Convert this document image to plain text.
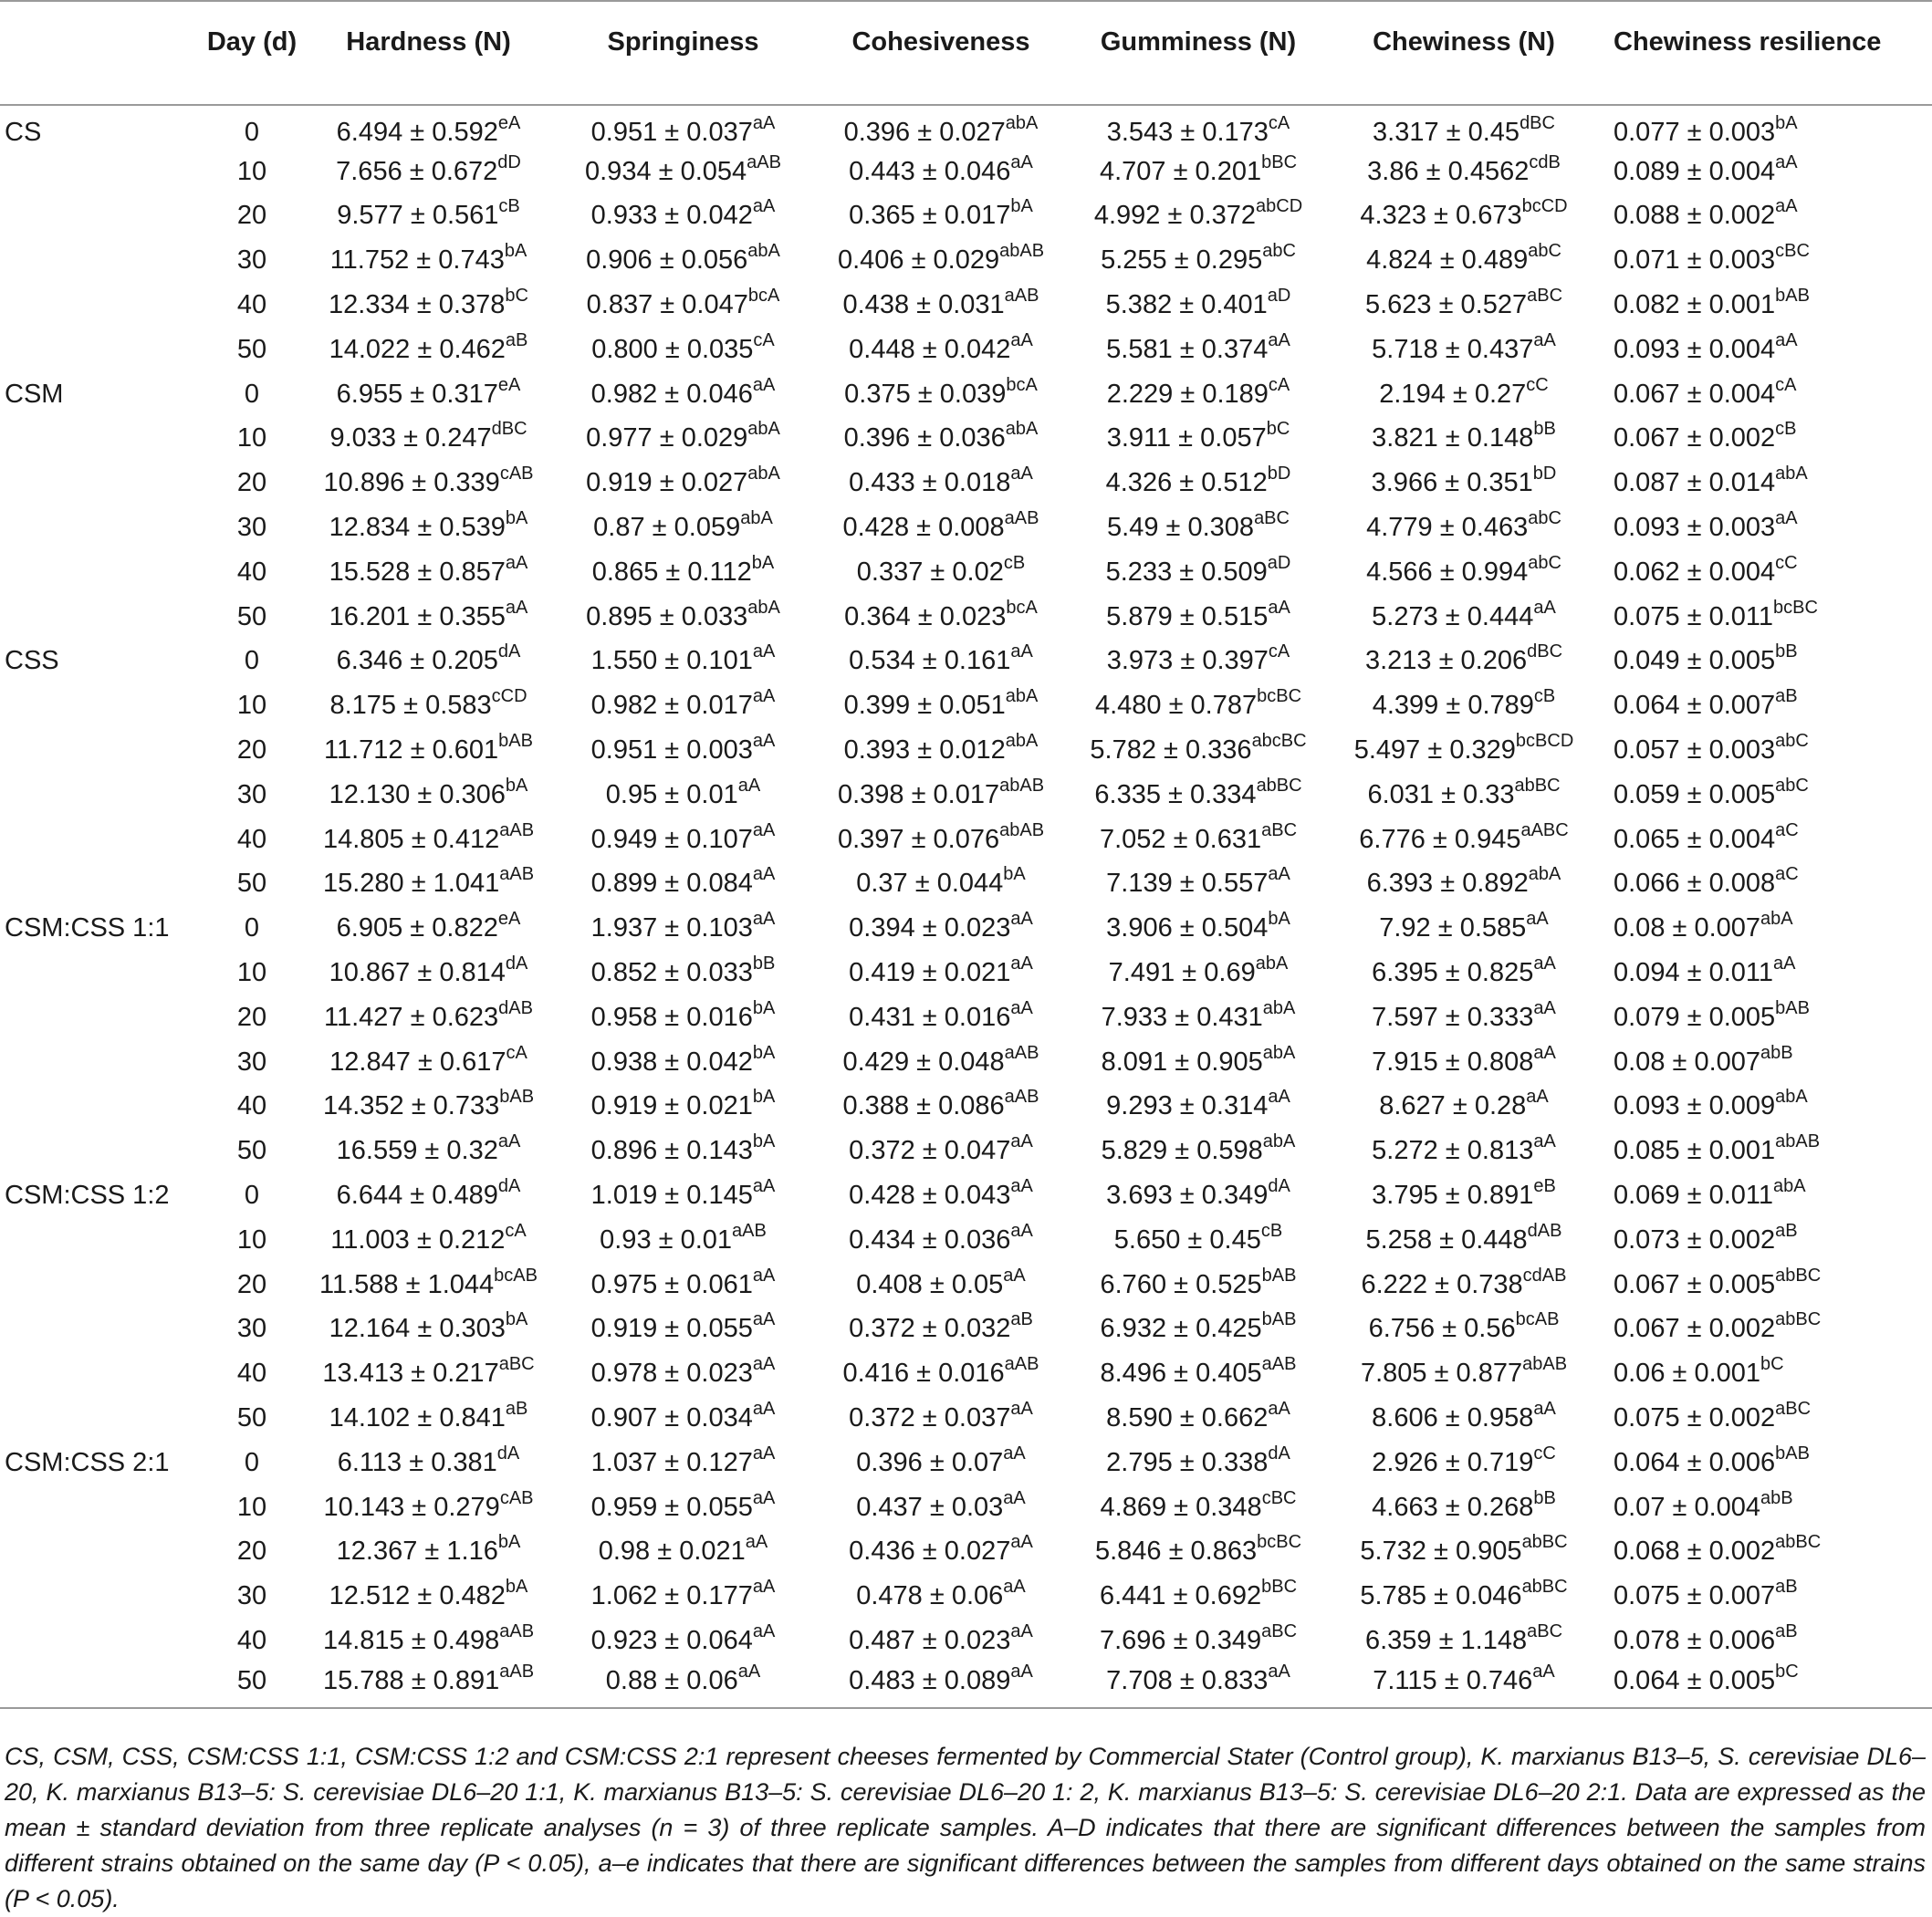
	Day (d)	Hardness (N)	Springiness	Cohesiveness	Gumminess (N)	Chewiness (N)	Chewiness resilience
CS	0	$6.494 \pm 0.592^{eA}$	$0.951 \pm 0.037^{aA}$	$0.396 \pm 0.027^{abA}$	$3.543 \pm 0.173^{cA}$	$3.317 \pm 0.45^{dBC}$	$0.077 \pm 0.003^{bA}$
	10	$7.656 \pm 0.672^{dD}$	$0.934 \pm 0.054^{aAB}$	$0.443 \pm 0.046^{aA}$	$4.707 \pm 0.201^{bBC}$	$3.86 \pm 0.4562^{cdB}$	$0.089 \pm 0.004^{aA}$
	20	$9.577 \pm 0.561^{cB}$	$0.933 \pm 0.042^{aA}$	$0.365 \pm 0.017^{bA}$	$4.992 \pm 0.372^{abCD}$	$4.323 \pm 0.673^{bcCD}$	$0.088 \pm 0.002^{aA}$
	30	$11.752 \pm 0.743^{bA}$	$0.906 \pm 0.056^{abA}$	$0.406 \pm 0.029^{abAB}$	$5.255 \pm 0.295^{abC}$	$4.824 \pm 0.489^{abC}$	$0.071 \pm 0.003^{cBC}$
	40	$12.334 \pm 0.378^{bC}$	$0.837 \pm 0.047^{bcA}$	$0.438 \pm 0.031^{aAB}$	$5.382 \pm 0.401^{aD}$	$5.623 \pm 0.527^{aBC}$	$0.082 \pm 0.001^{bAB}$
	50	$14.022 \pm 0.462^{aB}$	$0.800 \pm 0.035^{cA}$	$0.448 \pm 0.042^{aA}$	$5.581 \pm 0.374^{aA}$	$5.718 \pm 0.437^{aA}$	$0.093 \pm 0.004^{aA}$
CSM	0	$6.955 \pm 0.317^{eA}$	$0.982 \pm 0.046^{aA}$	$0.375 \pm 0.039^{bcA}$	$2.229 \pm 0.189^{cA}$	$2.194 \pm 0.27^{cC}$	$0.067 \pm 0.004^{cA}$
	10	$9.033 \pm 0.247^{dBC}$	$0.977 \pm 0.029^{abA}$	$0.396 \pm 0.036^{abA}$	$3.911 \pm 0.057^{bC}$	$3.821 \pm 0.148^{bB}$	$0.067 \pm 0.002^{cB}$
	20	$10.896 \pm 0.339^{cAB}$	$0.919 \pm 0.027^{abA}$	$0.433 \pm 0.018^{aA}$	$4.326 \pm 0.512^{bD}$	$3.966 \pm 0.351^{bD}$	$0.087 \pm 0.014^{abA}$
	30	$12.834 \pm 0.539^{bA}$	$0.87 \pm 0.059^{abA}$	$0.428 \pm 0.008^{aAB}$	$5.49 \pm 0.308^{aBC}$	$4.779 \pm 0.463^{abC}$	$0.093 \pm 0.003^{aA}$
	40	$15.528 \pm 0.857^{aA}$	$0.865 \pm 0.112^{bA}$	$0.337 \pm 0.02^{cB}$	$5.233 \pm 0.509^{aD}$	$4.566 \pm 0.994^{abC}$	$0.062 \pm 0.004^{cC}$
	50	$16.201 \pm 0.355^{aA}$	$0.895 \pm 0.033^{abA}$	$0.364 \pm 0.023^{bcA}$	$5.879 \pm 0.515^{aA}$	$5.273 \pm 0.444^{aA}$	$0.075 \pm 0.011^{bcBC}$
CSS	0	$6.346 \pm 0.205^{dA}$	$1.550 \pm 0.101^{aA}$	$0.534 \pm 0.161^{aA}$	$3.973 \pm 0.397^{cA}$	$3.213 \pm 0.206^{dBC}$	$0.049 \pm 0.005^{bB}$
	10	$8.175 \pm 0.583^{cCD}$	$0.982 \pm 0.017^{aA}$	$0.399 \pm 0.051^{abA}$	$4.480 \pm 0.787^{bcBC}$	$4.399 \pm 0.789^{cB}$	$0.064 \pm 0.007^{aB}$
	20	$11.712 \pm 0.601^{bAB}$	$0.951 \pm 0.003^{aA}$	$0.393 \pm 0.012^{abA}$	$5.782 \pm 0.336^{abcBC}$	$5.497 \pm 0.329^{bcBCD}$	$0.057 \pm 0.003^{abC}$
	30	$12.130 \pm 0.306^{bA}$	$0.95 \pm 0.01^{aA}$	$0.398 \pm 0.017^{abAB}$	$6.335 \pm 0.334^{abBC}$	$6.031 \pm 0.33^{abBC}$	$0.059 \pm 0.005^{abC}$
	40	$14.805 \pm 0.412^{aAB}$	$0.949 \pm 0.107^{aA}$	$0.397 \pm 0.076^{abAB}$	$7.052 \pm 0.631^{aBC}$	$6.776 \pm 0.945^{aABC}$	$0.065 \pm 0.004^{aC}$
	50	$15.280 \pm 1.041^{aAB}$	$0.899 \pm 0.084^{aA}$	$0.37 \pm 0.044^{bA}$	$7.139 \pm 0.557^{aA}$	$6.393 \pm 0.892^{abA}$	$0.066 \pm 0.008^{aC}$
CSM:CSS 1:1	0	$6.905 \pm 0.822^{eA}$	$1.937 \pm 0.103^{aA}$	$0.394 \pm 0.023^{aA}$	$3.906 \pm 0.504^{bA}$	$7.92 \pm 0.585^{aA}$	$0.08 \pm 0.007^{abA}$
	10	$10.867 \pm 0.814^{dA}$	$0.852 \pm 0.033^{bB}$	$0.419 \pm 0.021^{aA}$	$7.491 \pm 0.69^{abA}$	$6.395 \pm 0.825^{aA}$	$0.094 \pm 0.011^{aA}$
	20	$11.427 \pm 0.623^{dAB}$	$0.958 \pm 0.016^{bA}$	$0.431 \pm 0.016^{aA}$	$7.933 \pm 0.431^{abA}$	$7.597 \pm 0.333^{aA}$	$0.079 \pm 0.005^{bAB}$
	30	$12.847 \pm 0.617^{cA}$	$0.938 \pm 0.042^{bA}$	$0.429 \pm 0.048^{aAB}$	$8.091 \pm 0.905^{abA}$	$7.915 \pm 0.808^{aA}$	$0.08 \pm 0.007^{abB}$
	40	$14.352 \pm 0.733^{bAB}$	$0.919 \pm 0.021^{bA}$	$0.388 \pm 0.086^{aAB}$	$9.293 \pm 0.314^{aA}$	$8.627 \pm 0.28^{aA}$	$0.093 \pm 0.009^{abA}$
	50	$16.559 \pm 0.32^{aA}$	$0.896 \pm 0.143^{bA}$	$0.372 \pm 0.047^{aA}$	$5.829 \pm 0.598^{abA}$	$5.272 \pm 0.813^{aA}$	$0.085 \pm 0.001^{abAB}$
CSM:CSS 1:2	0	$6.644 \pm 0.489^{dA}$	$1.019 \pm 0.145^{aA}$	$0.428 \pm 0.043^{aA}$	$3.693 \pm 0.349^{dA}$	$3.795 \pm 0.891^{eB}$	$0.069 \pm 0.011^{abA}$
	10	$11.003 \pm 0.212^{cA}$	$0.93 \pm 0.01^{aAB}$	$0.434 \pm 0.036^{aA}$	$5.650 \pm 0.45^{cB}$	$5.258 \pm 0.448^{dAB}$	$0.073 \pm 0.002^{aB}$
	20	$11.588 \pm 1.044^{bcAB}$	$0.975 \pm 0.061^{aA}$	$0.408 \pm 0.05^{aA}$	$6.760 \pm 0.525^{bAB}$	$6.222 \pm 0.738^{cdAB}$	$0.067 \pm 0.005^{abBC}$
	30	$12.164 \pm 0.303^{bA}$	$0.919 \pm 0.055^{aA}$	$0.372 \pm 0.032^{aB}$	$6.932 \pm 0.425^{bAB}$	$6.756 \pm 0.56^{bcAB}$	$0.067 \pm 0.002^{abBC}$
	40	$13.413 \pm 0.217^{aBC}$	$0.978 \pm 0.023^{aA}$	$0.416 \pm 0.016^{aAB}$	$8.496 \pm 0.405^{aAB}$	$7.805 \pm 0.877^{abAB}$	$0.06 \pm 0.001^{bC}$
	50	$14.102 \pm 0.841^{aB}$	$0.907 \pm 0.034^{aA}$	$0.372 \pm 0.037^{aA}$	$8.590 \pm 0.662^{aA}$	$8.606 \pm 0.958^{aA}$	$0.075 \pm 0.002^{aBC}$
CSM:CSS 2:1	0	$6.113 \pm 0.381^{dA}$	$1.037 \pm 0.127^{aA}$	$0.396 \pm 0.07^{aA}$	$2.795 \pm 0.338^{dA}$	$2.926 \pm 0.719^{cC}$	$0.064 \pm 0.006^{bAB}$
	10	$10.143 \pm 0.279^{cAB}$	$0.959 \pm 0.055^{aA}$	$0.437 \pm 0.03^{aA}$	$4.869 \pm 0.348^{cBC}$	$4.663 \pm 0.268^{bB}$	$0.07 \pm 0.004^{abB}$
	20	$12.367 \pm 1.16^{bA}$	$0.98 \pm 0.021^{aA}$	$0.436 \pm 0.027^{aA}$	$5.846 \pm 0.863^{bcBC}$	$5.732 \pm 0.905^{abBC}$	$0.068 \pm 0.002^{abBC}$
	30	$12.512 \pm 0.482^{bA}$	$1.062 \pm 0.177^{aA}$	$0.478 \pm 0.06^{aA}$	$6.441 \pm 0.692^{bBC}$	$5.785 \pm 0.046^{abBC}$	$0.075 \pm 0.007^{aB}$
	40	$14.815 \pm 0.498^{aAB}$	$0.923 \pm 0.064^{aA}$	$0.487 \pm 0.023^{aA}$	$7.696 \pm 0.349^{aBC}$	$6.359 \pm 1.148^{aBC}$	$0.078 \pm 0.006^{aB}$
	50	$15.788 \pm 0.891^{aAB}$	$0.88 \pm 0.06^{aA}$	$0.483 \pm 0.089^{aA}$	$7.708 \pm 0.833^{aA}$	$7.115 \pm 0.746^{aA}$	$0.064 \pm 0.005^{bC}$
CS, CSM, CSS, CSM:CSS 1:1, CSM:CSS 1:2 and CSM:CSS 2:1 represent cheeses fermented by Commercial Stater (Control group), K. marxianus B13–5, S. cerevisiae DL6–20, K. marxianus B13–5: S. cerevisiae DL6–20 1:1, K. marxianus B13–5: S. cerevisiae DL6–20 1: 2, K. marxianus B13–5: S. cerevisiae DL6–20 2:1. Data are expressed as the mean ± standard deviation from three replicate analyses (n = 3) of three replicate samples. A–D indicates that there are significant differences between the samples from different strains obtained on the same day (P < 0.05), a–e indicates that there are significant differences between the samples from different days obtained on the same strains (P < 0.05).
